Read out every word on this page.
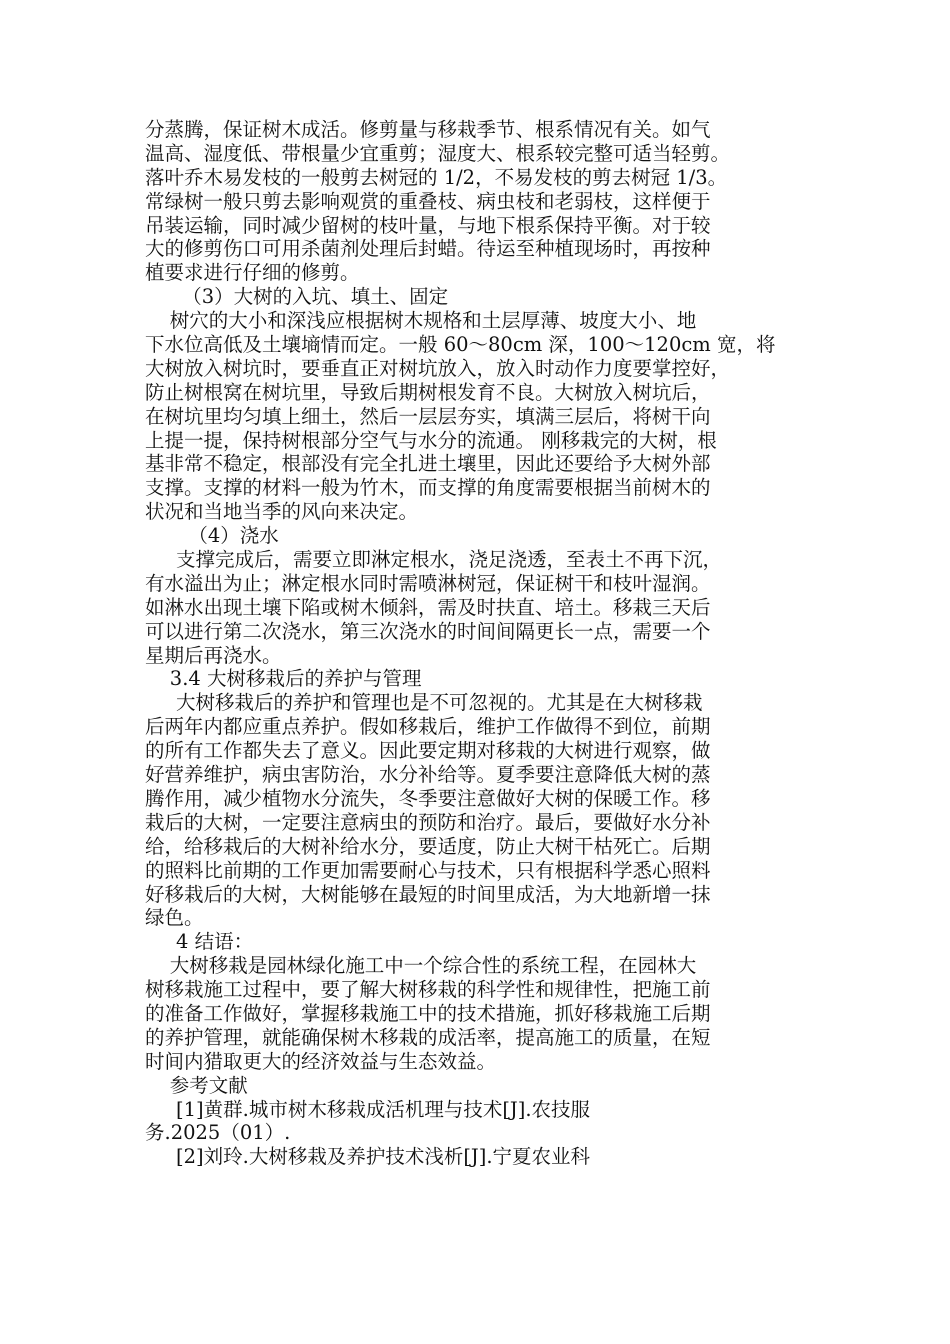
分蒸腾，保证树木成活。修剪量与移栽季节、根系情况有关。如气
温高、湿度低、带根量少宜重剪；湿度大、根系较完整可适当轻剪。
落叶乔木易发枝的一般剪去树冠的 1/2，不易发枝的剪去树冠 1/3。
常绿树一般只剪去影响观赏的重叠枝、病虫枝和老弱枝，这样便于
吊装运输，同时减少留树的枝叶量，与地下根系保持平衡。对于较
大的修剪伤口可用杀菌剂处理后封蜡。待运至种植现场时，再按种
植要求进行仔细的修剪。
（3）大树的入坑、填土、固定
树穴的大小和深浅应根据树木规格和土层厚薄、坡度大小、地
下水位高低及土壤墒情而定。一般 60～80cm 深，100～120cm 宽，将
大树放入树坑时，要垂直正对树坑放入，放入时动作力度要掌控好，
防止树根窝在树坑里，导致后期树根发育不良。大树放入树坑后，
在树坑里均匀填上细土，然后一层层夯实，填满三层后，将树干向
上提一提，保持树根部分空气与水分的流通。 刚移栽完的大树，根
基非常不稳定，根部没有完全扎进土壤里，因此还要给予大树外部
支撑。支撑的材料一般为竹木，而支撑的角度需要根据当前树木的
状况和当地当季的风向来决定。
（4）浇水
支撑完成后，需要立即淋定根水，浇足浇透，至表土不再下沉，
有水溢出为止；淋定根水同时需喷淋树冠，保证树干和枝叶湿润。
如淋水出现土壤下陷或树木倾斜，需及时扶直、培土。移栽三天后
可以进行第二次浇水，第三次浇水的时间间隔更长一点，需要一个
星期后再浇水。
3.4 大树移栽后的养护与管理
大树移栽后的养护和管理也是不可忽视的。尤其是在大树移栽
后两年内都应重点养护。假如移栽后，维护工作做得不到位，前期
的所有工作都失去了意义。因此要定期对移栽的大树进行观察，做
好营养维护，病虫害防治，水分补给等。夏季要注意降低大树的蒸
腾作用，减少植物水分流失，冬季要注意做好大树的保暖工作。移
栽后的大树，一定要注意病虫的预防和治疗。最后，要做好水分补
给，给移栽后的大树补给水分，要适度，防止大树干枯死亡。后期
的照料比前期的工作更加需要耐心与技术，只有根据科学悉心照料
好移栽后的大树，大树能够在最短的时间里成活，为大地新增一抹
绿色。
4 结语：
大树移栽是园林绿化施工中一个综合性的系统工程，在园林大
树移栽施工过程中，要了解大树移栽的科学性和规律性，把施工前
的准备工作做好，掌握移栽施工中的技术措施，抓好移栽施工后期
的养护管理，就能确保树木移栽的成活率，提高施工的质量，在短
时间内猎取更大的经济效益与生态效益。
参考文献
[1]黄群.城市树木移栽成活机理与技术[J].农技服
务.2025（01）.
[2]刘玲.大树移栽及养护技术浅析[J].宁夏农业科
